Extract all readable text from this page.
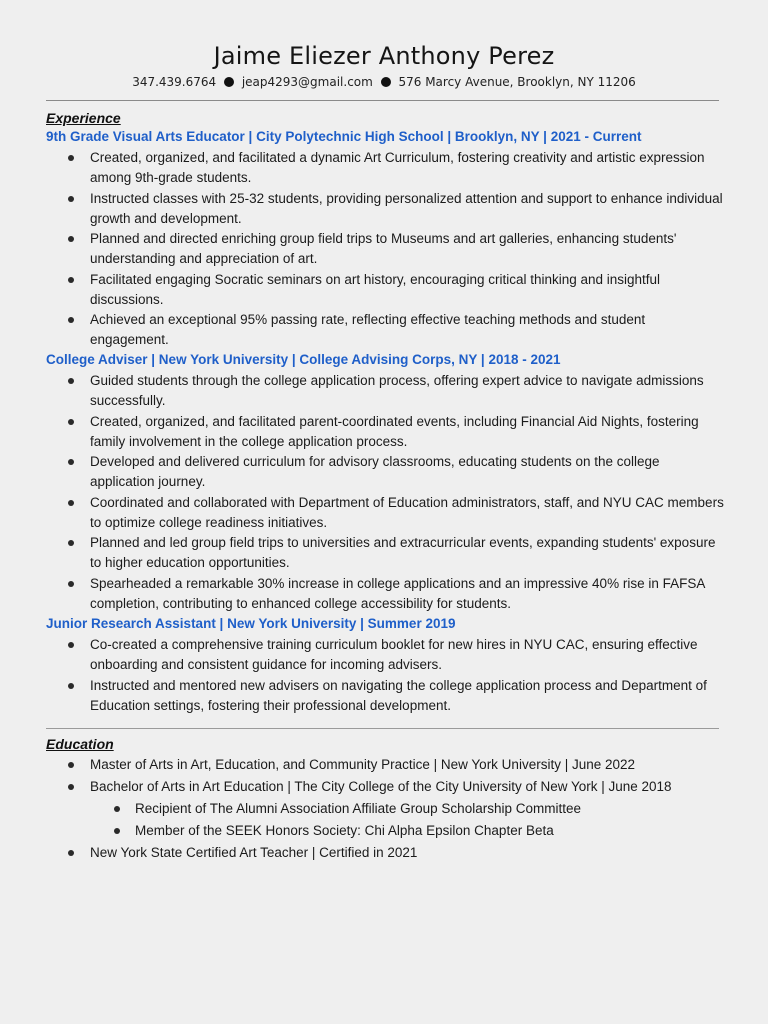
Jaime Eliezer Anthony Perez
347.439.6764 jeap4293@gmail.com 576 Marcy Avenue, Brooklyn, NY 11206
Experience
9th Grade Visual Arts Educator | City Polytechnic High School | Brooklyn, NY | 2021 - Current
Created, organized, and facilitated a dynamic Art Curriculum, fostering creativity and artistic expression among 9th-grade students.
Instructed classes with 25-32 students, providing personalized attention and support to enhance individual growth and development.
Planned and directed enriching group field trips to Museums and art galleries, enhancing students' understanding and appreciation of art.
Facilitated engaging Socratic seminars on art history, encouraging critical thinking and insightful discussions.
Achieved an exceptional 95% passing rate, reflecting effective teaching methods and student engagement.
College Adviser | New York University | College Advising Corps, NY | 2018 - 2021
Guided students through the college application process, offering expert advice to navigate admissions successfully.
Created, organized, and facilitated parent-coordinated events, including Financial Aid Nights, fostering family involvement in the college application process.
Developed and delivered curriculum for advisory classrooms, educating students on the college application journey.
Coordinated and collaborated with Department of Education administrators, staff, and NYU CAC members to optimize college readiness initiatives.
Planned and led group field trips to universities and extracurricular events, expanding students' exposure to higher education opportunities.
Spearheaded a remarkable 30% increase in college applications and an impressive 40% rise in FAFSA completion, contributing to enhanced college accessibility for students.
Junior Research Assistant | New York University | Summer 2019
Co-created a comprehensive training curriculum booklet for new hires in NYU CAC, ensuring effective onboarding and consistent guidance for incoming advisers.
Instructed and mentored new advisers on navigating the college application process and Department of Education settings, fostering their professional development.
Education
Master of Arts in Art, Education, and Community Practice | New York University | June 2022
Bachelor of Arts in Art Education | The City College of the City University of New York | June 2018
Recipient of The Alumni Association Affiliate Group Scholarship Committee
Member of the SEEK Honors Society: Chi Alpha Epsilon Chapter Beta
New York State Certified Art Teacher | Certified in 2021
